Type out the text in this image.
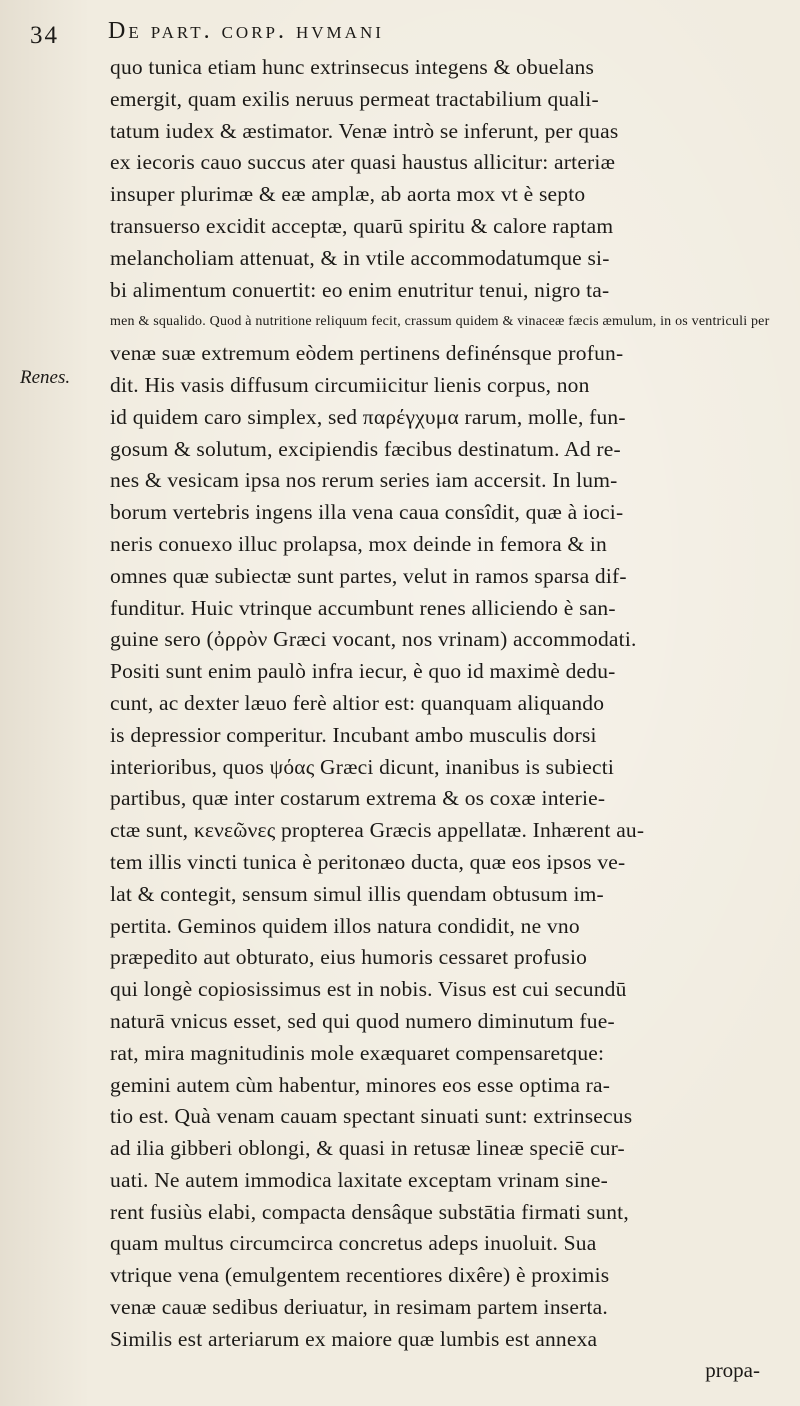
34 De part. corp. hvmani
Renes.
quo tunica etiam hunc extrinsecus integens & obuelans
emergit, quam exilis neruus permeat tractabilium quali-
tatum iudex & æstimator. Venæ intrò se inferunt, per quas
ex iecoris cauo succus ater quasi haustus allicitur: arteriæ
insuper plurimæ & eæ amplæ, ab aorta mox vt è septo
transuerso excidit acceptæ, quarū spiritu & calore raptam
melancholiam attenuat, & in vtile accommodatumque si-
bi alimentum conuertit: eo enim enutritur tenui, nigro ta-
men & squalido. Quod à nutritione reliquum fecit, crassum quidem & vinaceæ fæcis æmulum, in os ventriculi per
venæ suæ extremum eòdem pertinens definénsque profun-
dit. His vasis diffusum circumiicitur lienis corpus, non
id quidem caro simplex, sed παρέγχυμα rarum, molle, fun-
gosum & solutum, excipiendis fæcibus destinatum. Ad re-
nes & vesicam ipsa nos rerum series iam accersit. In lum-
borum vertebris ingens illa vena caua consîdit, quæ à ioci-
neris conuexo illuc prolapsa, mox deinde in femora & in
omnes quæ subiectæ sunt partes, velut in ramos sparsa dif-
funditur. Huic vtrinque accumbunt renes alliciendo è san-
guine sero (ὀρρὸν Græci vocant, nos vrinam) accommodati.
Positi sunt enim paulò infra iecur, è quo id maximè dedu-
cunt, ac dexter læuo ferè altior est: quanquam aliquando
is depressior comperitur. Incubant ambo musculis dorsi
interioribus, quos ψόας Græci dicunt, inanibus is subiecti
partibus, quæ inter costarum extrema & os coxæ interie-
ctæ sunt, κενεῶνες propterea Græcis appellatæ. Inhærent au-
tem illis vincti tunica è peritonæo ducta, quæ eos ipsos ve-
lat & contegit, sensum simul illis quendam obtusum im-
pertita. Geminos quidem illos natura condidit, ne vno
præpedito aut obturato, eius humoris cessaret profusio
qui longè copiosissimus est in nobis. Visus est cui secundū
naturā vnicus esset, sed qui quod numero diminutum fue-
rat, mira magnitudinis mole exæquaret compensaretque:
gemini autem cùm habentur, minores eos esse optima ra-
tio est. Quà venam cauam spectant sinuati sunt: extrinsecus
ad ilia gibberi oblongi, & quasi in retusæ lineæ speciē cur-
uati. Ne autem immodica laxitate exceptam vrinam sine-
rent fusiùs elabi, compacta densâque substātia firmati sunt,
quam multus circumcirca concretus adeps inuoluit. Sua
vtrique vena (emulgentem recentiores dixêre) è proximis
venæ cauæ sedibus deriuatur, in resimam partem inserta.
Similis est arteriarum ex maiore quæ lumbis est annexa
propa-
